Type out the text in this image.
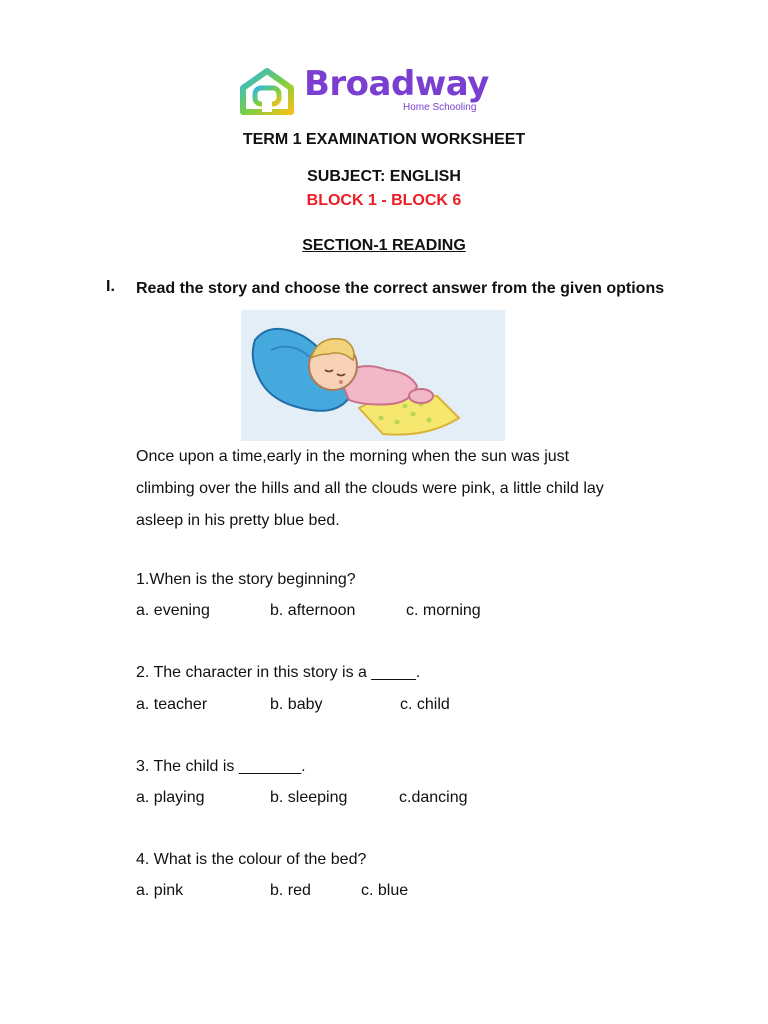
Broadway
Home Schooling
TERM 1 EXAMINATION WORKSHEET
SUBJECT: ENGLISH
BLOCK 1 - BLOCK 6
SECTION-1 READING
I. Read the story and choose the correct answer from the given options
Once upon a time,early in the morning when the sun was just
climbing over the hills and all the clouds were pink, a little child lay
asleep in his pretty blue bed.
1.When is the story beginning?
a. evening	b. afternoon	c. morning
2. The character in this story is a _____.
a. teacher	b. baby	c. child
3. The child is _______.
a. playing	b. sleeping	c.dancing
4. What is the colour of the bed?
a. pink	b. red	c. blue
